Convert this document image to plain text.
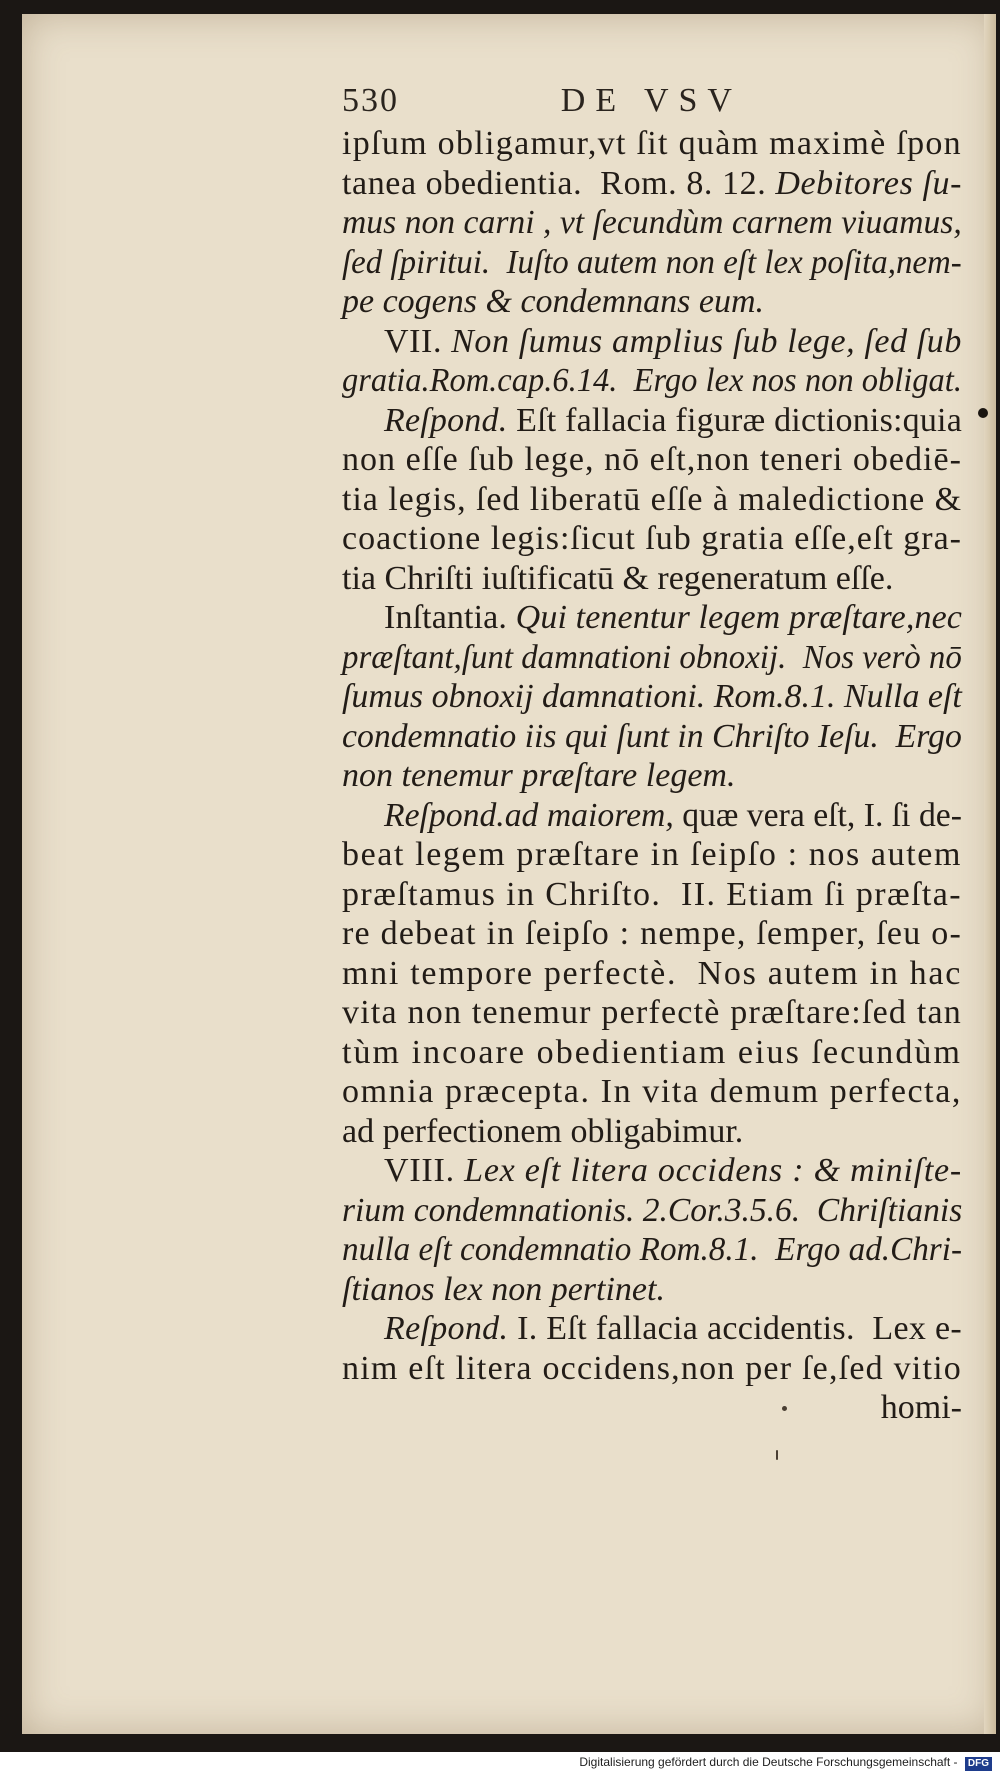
530	DE VSV
ipſum obligamur,vt ſit quàm maximè ſpon
tanea obedientia.  Rom. 8. 12. Debitores ſu-
mus non carni , vt ſecundùm carnem viuamus,
ſed ſpiritui.  Iuſto autem non eſt lex poſita,nem-
pe cogens & condemnans eum.
VII. Non ſumus amplius ſub lege, ſed ſub
gratia.Rom.cap.6.14.  Ergo lex nos non obligat.
Reſpond. Eſt fallacia figuræ dictionis:quia
non eſſe ſub lege, nō eſt,non teneri obediē-
tia legis, ſed liberatū eſſe à maledictione &
coactione legis:ſicut ſub gratia eſſe,eſt gra-
tia Chriſti iuſtificatū & regeneratum eſſe.
Inſtantia. Qui tenentur legem præſtare,nec
præſtant,ſunt damnationi obnoxij.  Nos verò nō
ſumus obnoxij damnationi. Rom.8.1. Nulla eſt
condemnatio iis qui ſunt in Chriſto Ieſu.  Ergo
non tenemur præſtare legem.
Reſpond.ad maiorem, quæ vera eſt, I. ſi de-
beat legem præſtare in ſeipſo : nos autem
præſtamus in Chriſto.  II. Etiam ſi præſta-
re debeat in ſeipſo : nempe, ſemper, ſeu o-
mni tempore perfectè.  Nos autem in hac
vita non tenemur perfectè præſtare:ſed tan
tùm incoare obedientiam eius ſecundùm
omnia præcepta. In vita demum perfecta,
ad perfectionem obligabimur.
VIII. Lex eſt litera occidens : & miniſte-
rium condemnationis. 2.Cor.3.5.6.  Chriſtianis
nulla eſt condemnatio Rom.8.1.  Ergo ad.Chri-
ſtianos lex non pertinet.
Reſpond. I. Eſt fallacia accidentis.  Lex e-
nim eſt litera occidens,non per ſe,ſed vitio
homi-
Digitalisierung gefördert durch die Deutsche Forschungsgemeinschaft - DFG
